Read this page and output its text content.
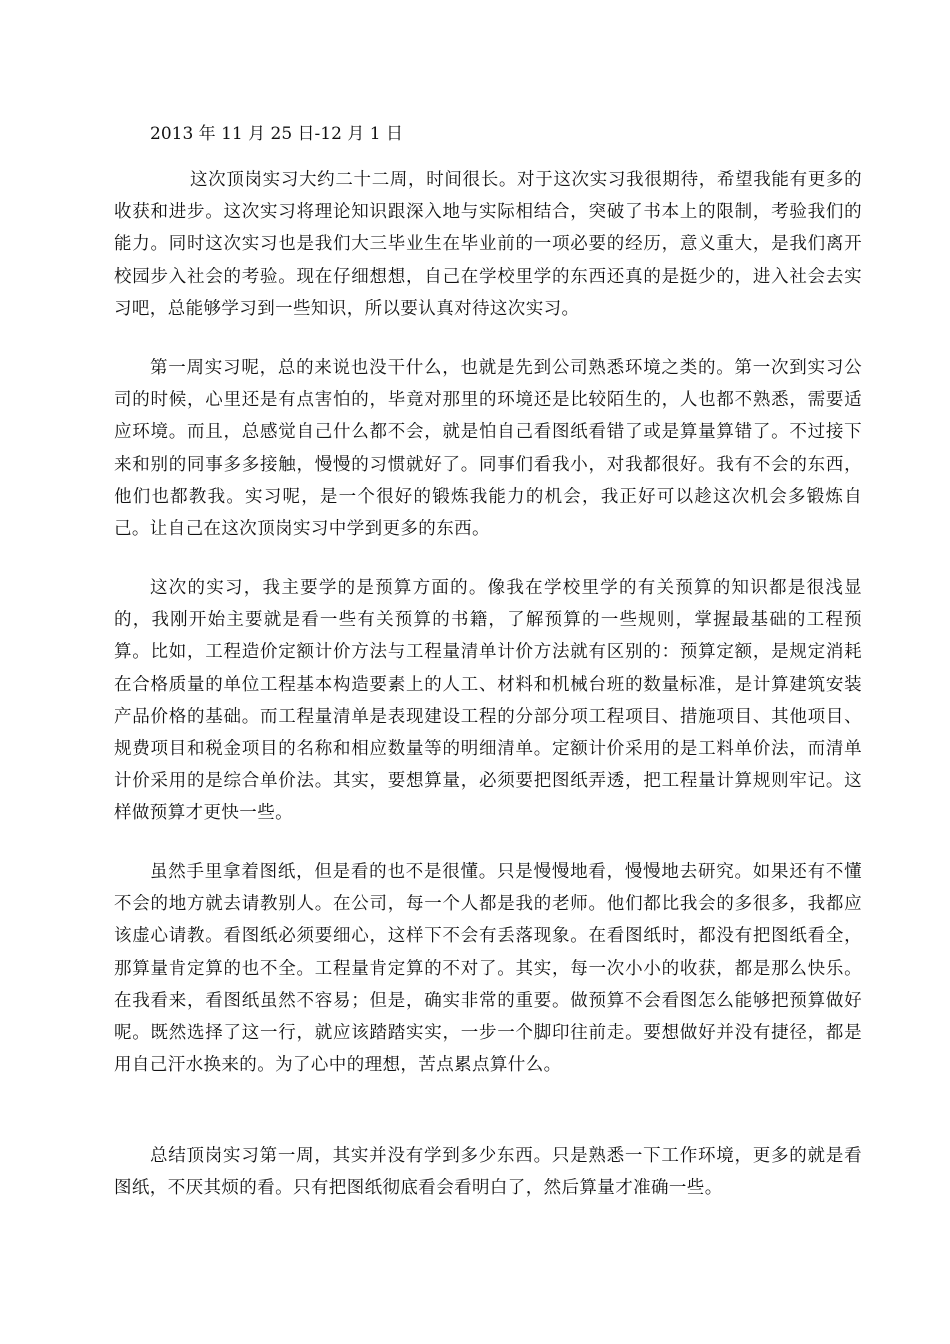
2013 年 11 月 25 日-12 月 1 日

这次顶岗实习大约二十二周，时间很长。对于这次实习我很期待，希望我能有更多的收获和进步。这次实习将理论知识跟深入地与实际相结合，突破了书本上的限制，考验我们的能力。同时这次实习也是我们大三毕业生在毕业前的一项必要的经历，意义重大，是我们离开校园步入社会的考验。现在仔细想想，自己在学校里学的东西还真的是挺少的，进入社会去实习吧，总能够学习到一些知识，所以要认真对待这次实习。

第一周实习呢，总的来说也没干什么，也就是先到公司熟悉环境之类的。第一次到实习公司的时候，心里还是有点害怕的，毕竟对那里的环境还是比较陌生的，人也都不熟悉，需要适应环境。而且，总感觉自己什么都不会，就是怕自己看图纸看错了或是算量算错了。不过接下来和别的同事多多接触，慢慢的习惯就好了。同事们看我小，对我都很好。我有不会的东西，他们也都教我。实习呢，是一个很好的锻炼我能力的机会，我正好可以趁这次机会多锻炼自己。让自己在这次顶岗实习中学到更多的东西。

这次的实习，我主要学的是预算方面的。像我在学校里学的有关预算的知识都是很浅显的，我刚开始主要就是看一些有关预算的书籍，了解预算的一些规则，掌握最基础的工程预算。比如，工程造价定额计价方法与工程量清单计价方法就有区别的：预算定额，是规定消耗在合格质量的单位工程基本构造要素上的人工、材料和机械台班的数量标准，是计算建筑安装产品价格的基础。而工程量清单是表现建设工程的分部分项工程项目、措施项目、其他项目、规费项目和税金项目的名称和相应数量等的明细清单。定额计价采用的是工料单价法，而清单计价采用的是综合单价法。其实，要想算量，必须要把图纸弄透，把工程量计算规则牢记。这样做预算才更快一些。

虽然手里拿着图纸，但是看的也不是很懂。只是慢慢地看，慢慢地去研究。如果还有不懂不会的地方就去请教别人。在公司，每一个人都是我的老师。他们都比我会的多很多，我都应该虚心请教。看图纸必须要细心，这样下不会有丢落现象。在看图纸时，都没有把图纸看全，那算量肯定算的也不全。工程量肯定算的不对了。其实，每一次小小的收获，都是那么快乐。在我看来，看图纸虽然不容易；但是，确实非常的重要。做预算不会看图怎么能够把预算做好呢。既然选择了这一行，就应该踏踏实实，一步一个脚印往前走。要想做好并没有捷径，都是用自己汗水换来的。为了心中的理想，苦点累点算什么。

总结顶岗实习第一周，其实并没有学到多少东西。只是熟悉一下工作环境，更多的就是看图纸，不厌其烦的看。只有把图纸彻底看会看明白了，然后算量才准确一些。
